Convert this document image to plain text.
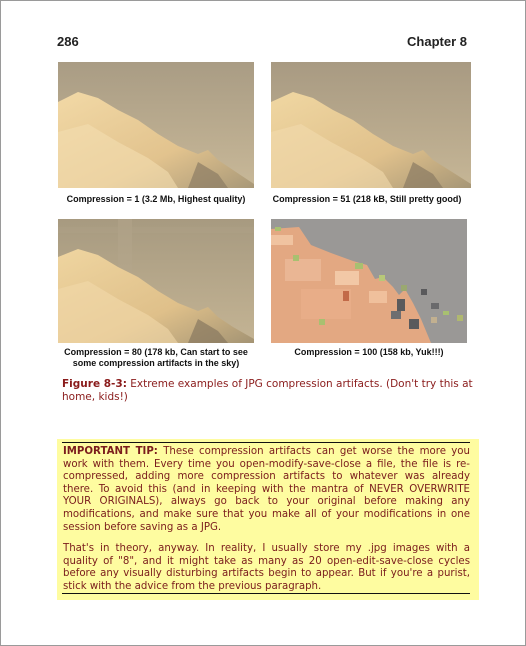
286	Chapter 8
Compression = 1 (3.2 Mb, Highest quality)	Compression = 51 (218 kB, Still pretty good)
Compression = 80 (178 kb, Can start to see
some compression artifacts in the sky)
Compression = 100 (158 kb, Yuk!!!)
Figure 8-3: Extreme examples of JPG compression artifacts. (Don't try this at home, kids!)
IMPORTANT TIP: These compression artifacts can get worse the more you work with them. Every time you open-modify-save-close a file, the file is re-compressed, adding more compression artifacts to whatever was already there. To avoid this (and in keeping with the mantra of NEVER OVERWRITE YOUR ORIGINALS), always go back to your original before making any modifications, and make sure that you make all of your modifications in one session before saving as a JPG.
That's in theory, anyway. In reality, I usually store my .jpg images with a quality of "8", and it might take as many as 20 open-edit-save-close cycles before any visually disturbing artifacts begin to appear. But if you're a purist, stick with the advice from the previous paragraph.
